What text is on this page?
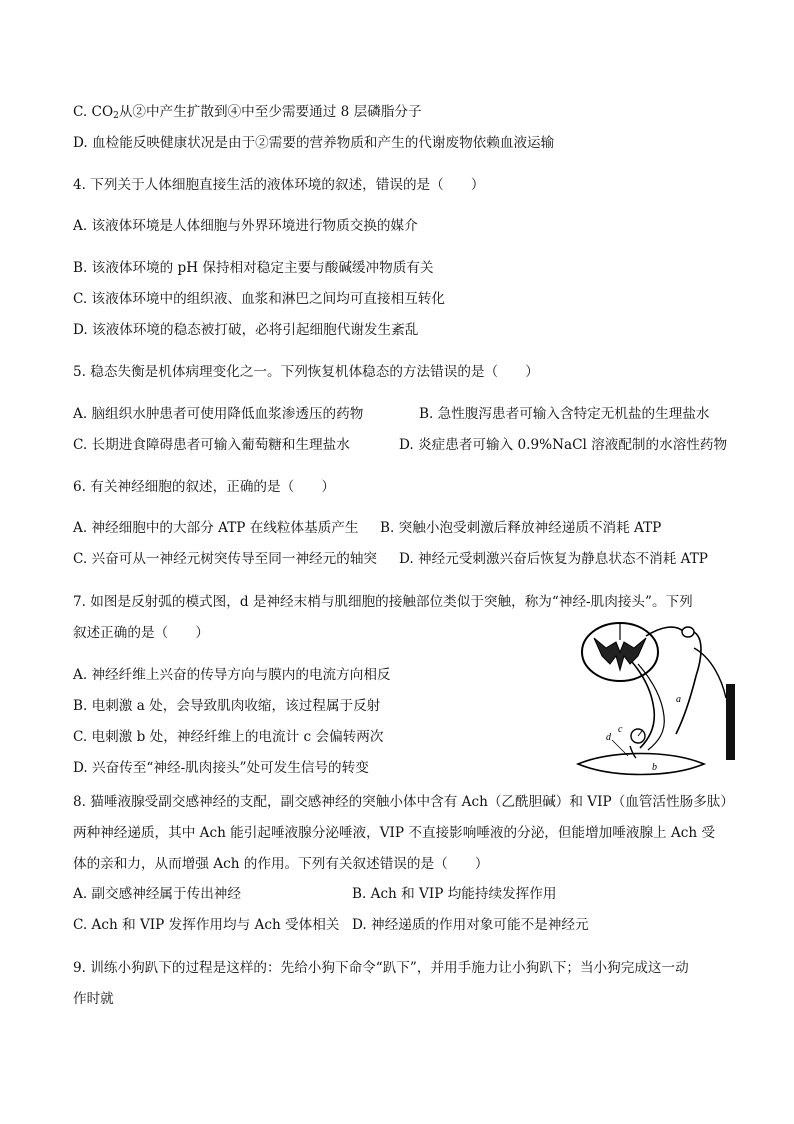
C. $CO_2$从②中产生扩散到④中至少需要通过 8 层磷脂分子
D. 血检能反映健康状况是由于②需要的营养物质和产生的代谢废物依赖血液运输
4. 下列关于人体细胞直接生活的液体环境的叙述，错误的是（　　）
A. 该液体环境是人体细胞与外界环境进行物质交换的媒介
B. 该液体环境的 pH 保持相对稳定主要与酸碱缓冲物质有关
C. 该液体环境中的组织液、血浆和淋巴之间均可直接相互转化
D. 该液体环境的稳态被打破，必将引起细胞代谢发生紊乱
5. 稳态失衡是机体病理变化之一。下列恢复机体稳态的方法错误的是（　　）
A. 脑组织水肿患者可使用降低血浆渗透压的药物	B. 急性腹泻患者可输入含特定无机盐的生理盐水
C. 长期进食障碍患者可输入葡萄糖和生理盐水	D. 炎症患者可输入 0.9%NaCl 溶液配制的水溶性药物
6. 有关神经细胞的叙述，正确的是（　　）
A. 神经细胞中的大部分 ATP 在线粒体基质产生 B. 突触小泡受刺激后释放神经递质不消耗 ATP
C. 兴奋可从一神经元树突传导至同一神经元的轴突 D. 神经元受刺激兴奋后恢复为静息状态不消耗 ATP
7. 如图是反射弧的模式图，d 是神经末梢与肌细胞的接触部位类似于突触，称为“神经-肌肉接头”。下列
叙述正确的是（　　）
A. 神经纤维上兴奋的传导方向与膜内的电流方向相反
B. 电刺激 a 处，会导致肌肉收缩，该过程属于反射
C. 电刺激 b 处，神经纤维上的电流计 c 会偏转两次
D. 兴奋传至“神经-肌肉接头”处可发生信号的转变
a
b
c
d
8. 猫唾液腺受副交感神经的支配，副交感神经的突触小体中含有 Ach（乙酰胆碱）和 VIP（血管活性肠多肽）
两种神经递质，其中 Ach 能引起唾液腺分泌唾液，VIP 不直接影响唾液的分泌，但能增加唾液腺上 Ach 受
体的亲和力，从而增强 Ach 的作用。下列有关叙述错误的是（　　）
A. 副交感神经属于传出神经	B. Ach 和 VIP 均能持续发挥作用
C. Ach 和 VIP 发挥作用均与 Ach 受体相关 D. 神经递质的作用对象可能不是神经元
9. 训练小狗趴下的过程是这样的：先给小狗下命令“趴下”，并用手施力让小狗趴下；当小狗完成这一动
作时就
